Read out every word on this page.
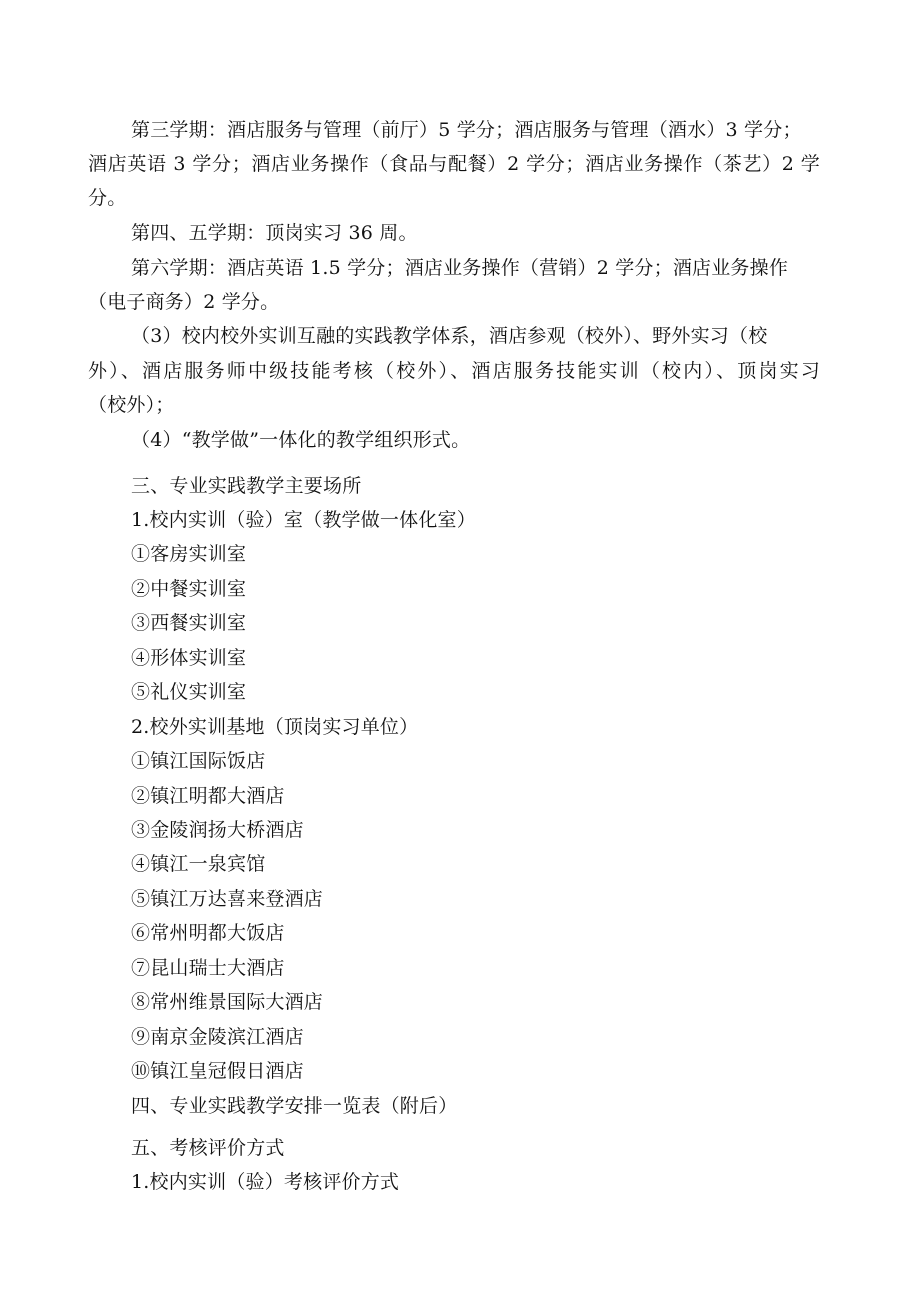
第三学期：酒店服务与管理（前厅）5 学分；酒店服务与管理（酒水）3 学分；
酒店英语 3 学分；酒店业务操作（食品与配餐）2 学分；酒店业务操作（茶艺）2 学
分。
第四、五学期：顶岗实习 36 周。
第六学期：酒店英语 1.5 学分；酒店业务操作（营销）2 学分；酒店业务操作
（电子商务）2 学分。
（3）校内校外实训互融的实践教学体系，酒店参观（校外）、野外实习（校
外）、酒店服务师中级技能考核（校外）、酒店服务技能实训（校内）、顶岗实习
（校外）；
（4）“教学做”一体化的教学组织形式。
三、专业实践教学主要场所
1.校内实训（验）室（教学做一体化室）
①客房实训室
②中餐实训室
③西餐实训室
④形体实训室
⑤礼仪实训室
2.校外实训基地（顶岗实习单位）
①镇江国际饭店
②镇江明都大酒店
③金陵润扬大桥酒店
④镇江一泉宾馆
⑤镇江万达喜来登酒店
⑥常州明都大饭店
⑦昆山瑞士大酒店
⑧常州维景国际大酒店
⑨南京金陵滨江酒店
⑩镇江皇冠假日酒店
四、专业实践教学安排一览表（附后）
五、考核评价方式
1.校内实训（验）考核评价方式
